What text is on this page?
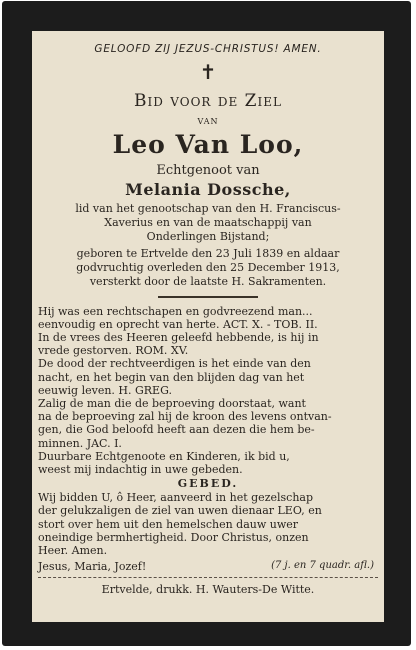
GELOOFD ZIJ JEZUS-CHRISTUS! AMEN.
✝
Bid voor de Ziel
van
Leo Van Loo,
Echtgenoot van
Melania Dossche,
lid van het genootschap van den H. Franciscus-
Xaverius en van de maatschappij van
Onderlingen Bijstand;
geboren te Ertvelde den 23 Juli 1839 en aldaar
godvruchtig overleden den 25 December 1913,
versterkt door de laatste H. Sakramenten.
Hij was een rechtschapen en godvreezend man...
eenvoudig en oprecht van herte. ACT. X. - TOB. II.
In de vrees des Heeren geleefd hebbende, is hij in
vrede gestorven. ROM. XV.
De dood der rechtveerdigen is het einde van den
nacht, en het begin van den blijden dag van het
eeuwig leven. H. GREG.
Zalig de man die de beproeving doorstaat, want
na de beproeving zal hij de kroon des levens ontvan-
gen, die God beloofd heeft aan dezen die hem be-
minnen. JAC. I.
Duurbare Echtgenoote en Kinderen, ik bid u,
weest mij indachtig in uwe gebeden.
GEBED.
Wij bidden U, ô Heer, aanveerd in het gezelschap
der gelukzaligen de ziel van uwen dienaar LEO, en
stort over hem uit den hemelschen dauw uwer
oneindige bermhertigheid. Door Christus, onzen
Heer. Amen.
Jesus, Maria, Jozef!	(7 j. en 7 quadr. afl.)
Ertvelde, drukk. H. Wauters-De Witte.
